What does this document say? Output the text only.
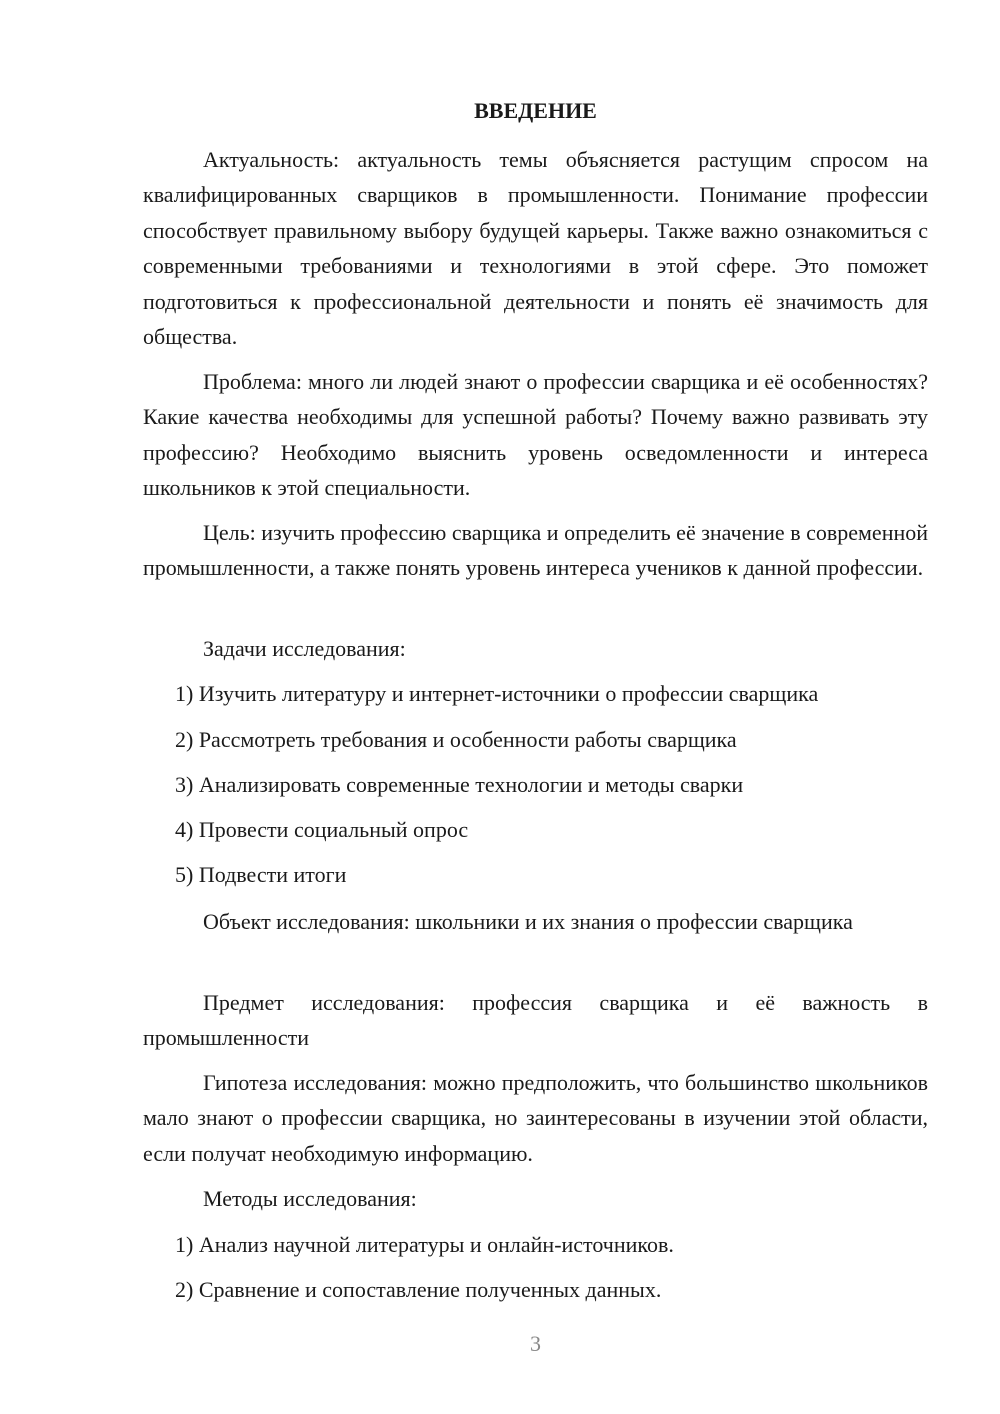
ВВЕДЕНИЕ

Актуальность: актуальность темы объясняется растущим спросом на квалифицированных сварщиков в промышленности. Понимание профессии способствует правильному выбору будущей карьеры. Также важно ознакомиться с современными требованиями и технологиями в этой сфере. Это поможет подготовиться к профессиональной деятельности и понять её значимость для общества.

Проблема: много ли людей знают о профессии сварщика и её особенностях? Какие качества необходимы для успешной работы? Почему важно развивать эту профессию? Необходимо выяснить уровень осведомленности и интереса школьников к этой специальности.

Цель: изучить профессию сварщика и определить её значение в современной промышленности, а также понять уровень интереса учеников к данной профессии.

Задачи исследования:

1) Изучить литературу и интернет-источники о профессии сварщика

2) Рассмотреть требования и особенности работы сварщика

3) Анализировать современные технологии и методы сварки

4) Провести социальный опрос

5) Подвести итоги

Объект исследования: школьники и их знания о профессии сварщика

Предмет исследования: профессия сварщика и её важность в промышленности

Гипотеза исследования: можно предположить, что большинство школьников мало знают о профессии сварщика, но заинтересованы в изучении этой области, если получат необходимую информацию.

Методы исследования:

1) Анализ научной литературы и онлайн-источников.

2) Сравнение и сопоставление полученных данных.

3
